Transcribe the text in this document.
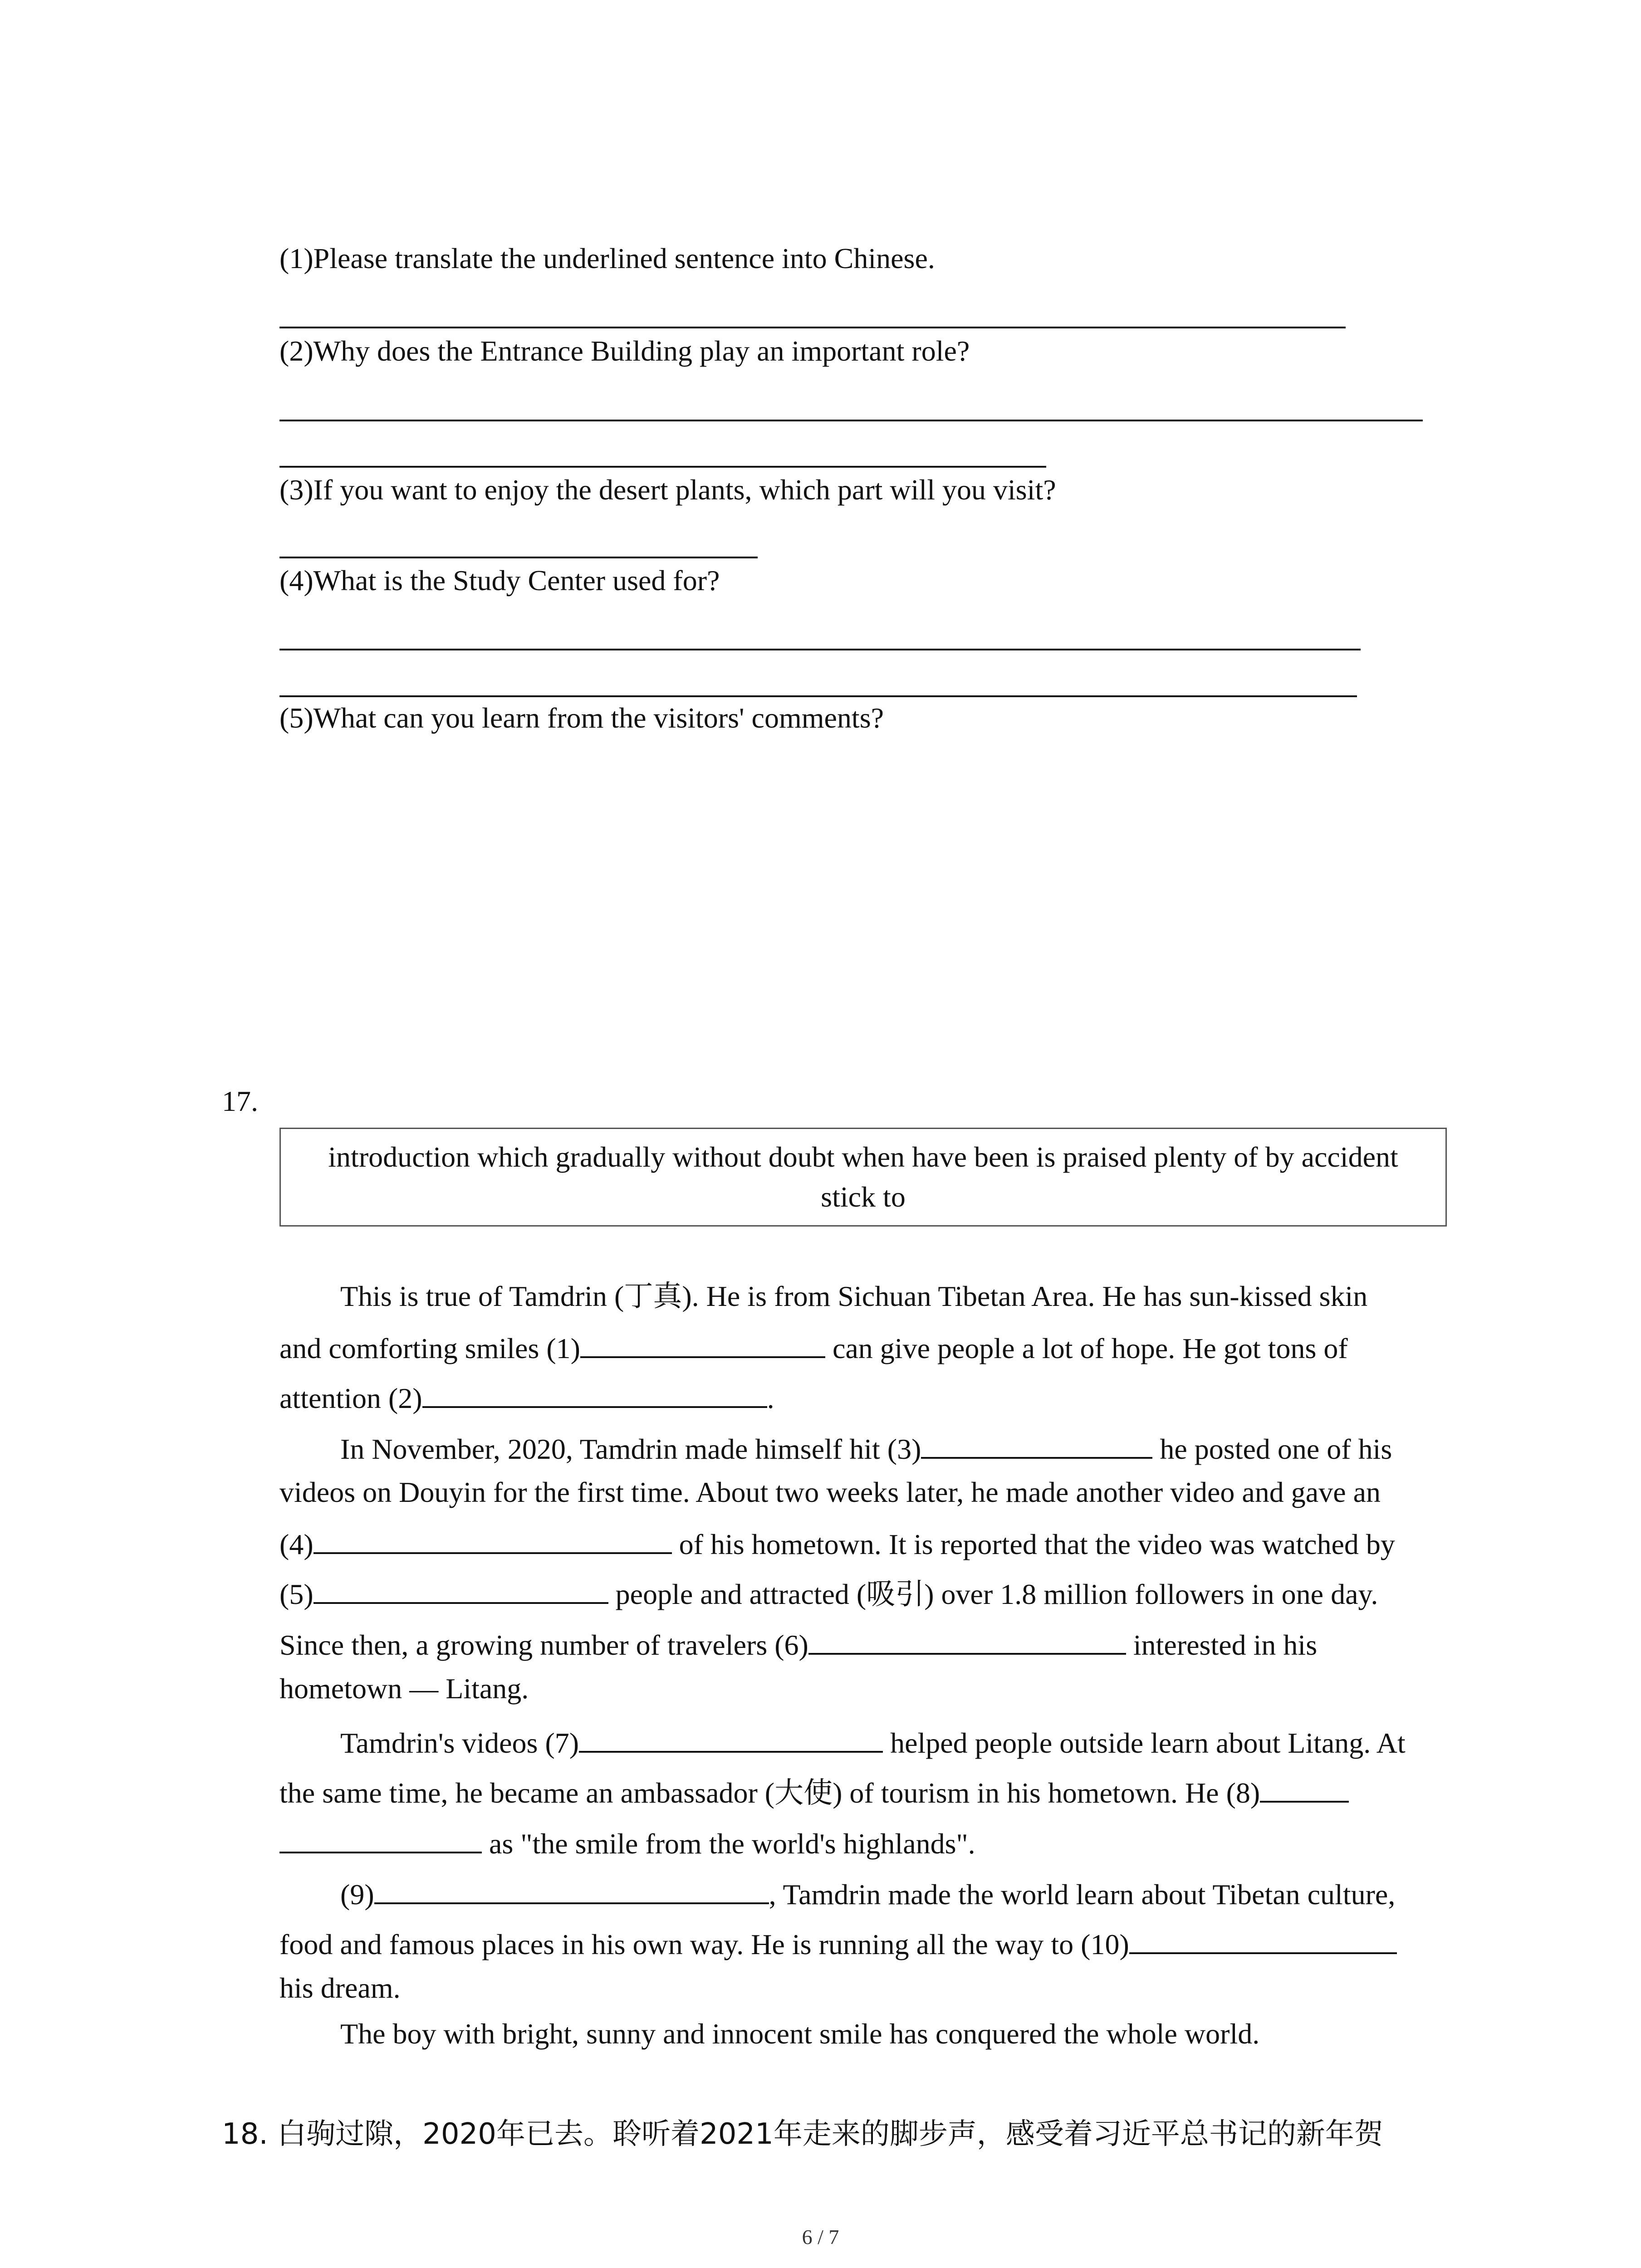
(1)Please translate the underlined sentence into Chinese.
(2)Why does the Entrance Building play an important role?
(3)If you want to enjoy the desert plants, which part will you visit?
(4)What is the Study Center used for?
(5)What can you learn from the visitors' comments?
17.
introduction which gradually without doubt when have been is praised plenty of by accident
stick to
This is true of Tamdrin (丁真). He is from Sichuan Tibetan Area. He has sun-kissed skin
and comforting smiles (1)	can give people a lot of hope. He got tons of
attention (2)	.
In November, 2020, Tamdrin made himself hit (3)	he posted one of his
videos on Douyin for the first time. About two weeks later, he made another video and gave an
(4)	of his hometown. It is reported that the video was watched by
(5)	people and attracted (吸引) over 1.8 million followers in one day.
Since then, a growing number of travelers (6)	interested in his
hometown — Litang.
Tamdrin's videos (7)	helped people outside learn about Litang. At
the same time, he became an ambassador (大使) of tourism in his hometown. He (8)
as "the smile from the world's highlands".
(9)	, Tamdrin made the world learn about Tibetan culture,
food and famous places in his own way. He is running all the way to (10)
his dream.
The boy with bright, sunny and innocent smile has conquered the whole world.
18. 白驹过隙，2020年已去。聆听着2021年走来的脚步声，感受着习近平总书记的新年贺
6 / 7
